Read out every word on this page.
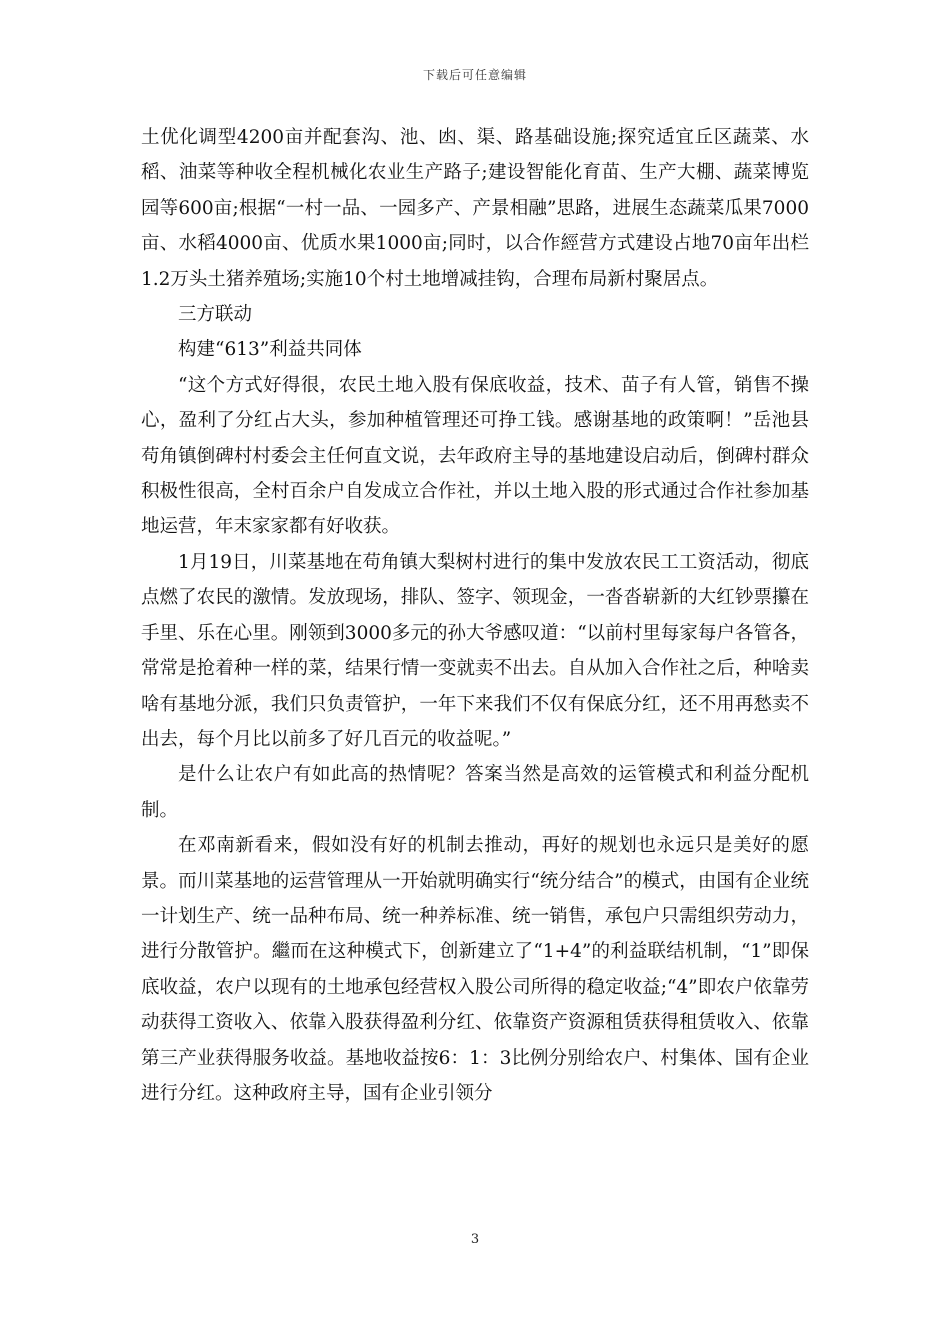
下载后可任意编辑

土优化调型4200亩并配套沟、池、凼、渠、路基础设施;探究适宜丘区蔬菜、水稻、油菜等种收全程机械化农业生产路子;建设智能化育苗、生产大棚、蔬菜博览园等600亩;根据“一村一品、一园多产、产景相融”思路，进展生态蔬菜瓜果7000亩、水稻4000亩、优质水果1000亩;同时，以合作經营方式建设占地70亩年出栏1.2万头土猪养殖场;实施10个村土地增减挂钩，合理布局新村聚居点。

三方联动

构建“613”利益共同体

“这个方式好得很，农民土地入股有保底收益，技术、苗子有人管，销售不操心，盈利了分红占大头，参加种植管理还可挣工钱。感谢基地的政策啊！”岳池县苟角镇倒碑村村委会主任何直文说，去年政府主导的基地建设启动后，倒碑村群众积极性很高，全村百余户自发成立合作社，并以土地入股的形式通过合作社参加基地运营，年末家家都有好收获。

1月19日，川菜基地在苟角镇大梨树村进行的集中发放农民工工资活动，彻底点燃了农民的激情。发放现场，排队、签字、领现金，一沓沓崭新的大红钞票攥在手里、乐在心里。刚领到3000多元的孙大爷感叹道：“以前村里每家每户各管各，常常是抢着种一样的菜，结果行情一变就卖不出去。自从加入合作社之后，种啥卖啥有基地分派，我们只负责管护，一年下来我们不仅有保底分红，还不用再愁卖不出去，每个月比以前多了好几百元的收益呢。”

是什么让农户有如此高的热情呢？答案当然是高效的运管模式和利益分配机制。

在邓南新看来，假如没有好的机制去推动，再好的规划也永远只是美好的愿景。而川菜基地的运营管理从一开始就明确实行“统分结合”的模式，由国有企业统一计划生产、统一品种布局、统一种养标准、统一销售，承包户只需组织劳动力，进行分散管护。繼而在这种模式下，创新建立了“1+4”的利益联结机制，“1”即保底收益，农户以现有的土地承包经营权入股公司所得的稳定收益;“4”即农户依靠劳动获得工资收入、依靠入股获得盈利分红、依靠资产资源租赁获得租赁收入、依靠第三产业获得服务收益。基地收益按6：1：3比例分别给农户、村集体、国有企业进行分红。这种政府主导，国有企业引领分

3
